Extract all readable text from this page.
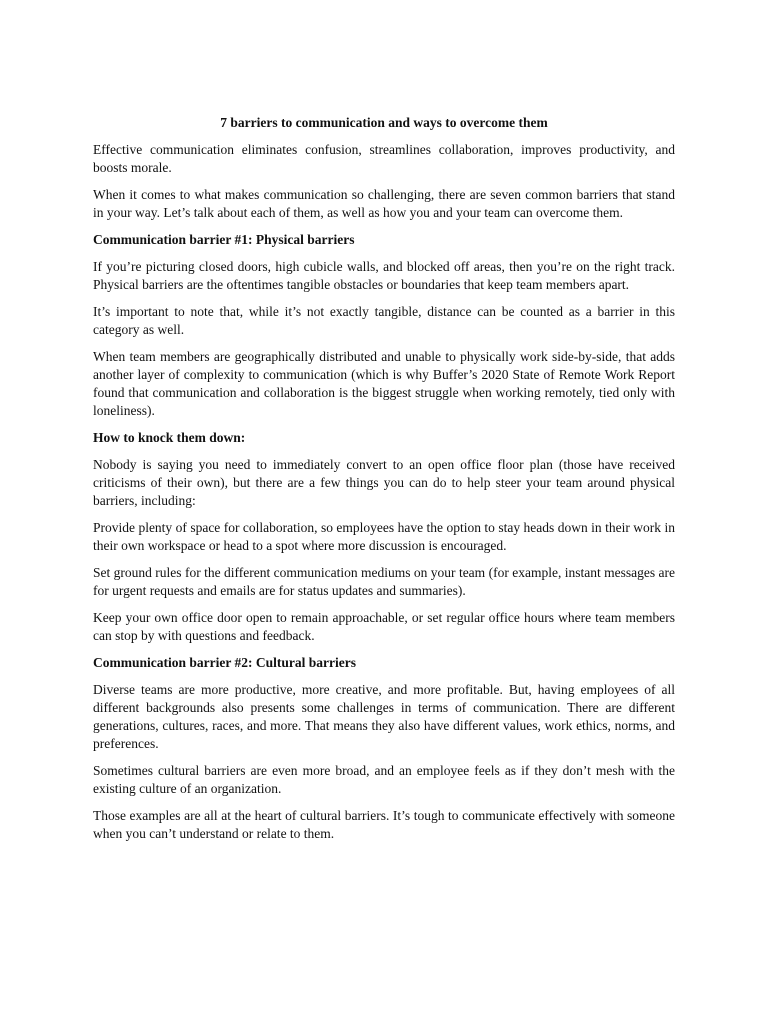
7 barriers to communication and ways to overcome them

Effective communication eliminates confusion, streamlines collaboration, improves productivity, and boosts morale.

When it comes to what makes communication so challenging, there are seven common barriers that stand in your way. Let’s talk about each of them, as well as how you and your team can overcome them.

Communication barrier #1: Physical barriers

If you’re picturing closed doors, high cubicle walls, and blocked off areas, then you’re on the right track. Physical barriers are the oftentimes tangible obstacles or boundaries that keep team members apart.

It’s important to note that, while it’s not exactly tangible, distance can be counted as a barrier in this category as well.

When team members are geographically distributed and unable to physically work side-by-side, that adds another layer of complexity to communication (which is why Buffer’s 2020 State of Remote Work Report found that communication and collaboration is the biggest struggle when working remotely, tied only with loneliness).

How to knock them down:

Nobody is saying you need to immediately convert to an open office floor plan (those have received criticisms of their own), but there are a few things you can do to help steer your team around physical barriers, including:

Provide plenty of space for collaboration, so employees have the option to stay heads down in their work in their own workspace or head to a spot where more discussion is encouraged.

Set ground rules for the different communication mediums on your team (for example, instant messages are for urgent requests and emails are for status updates and summaries).

Keep your own office door open to remain approachable, or set regular office hours where team members can stop by with questions and feedback.

Communication barrier #2: Cultural barriers

Diverse teams are more productive, more creative, and more profitable. But, having employees of all different backgrounds also presents some challenges in terms of communication. There are different generations, cultures, races, and more. That means they also have different values, work ethics, norms, and preferences.

Sometimes cultural barriers are even more broad, and an employee feels as if they don’t mesh with the existing culture of an organization.

Those examples are all at the heart of cultural barriers. It’s tough to communicate effectively with someone when you can’t understand or relate to them.
